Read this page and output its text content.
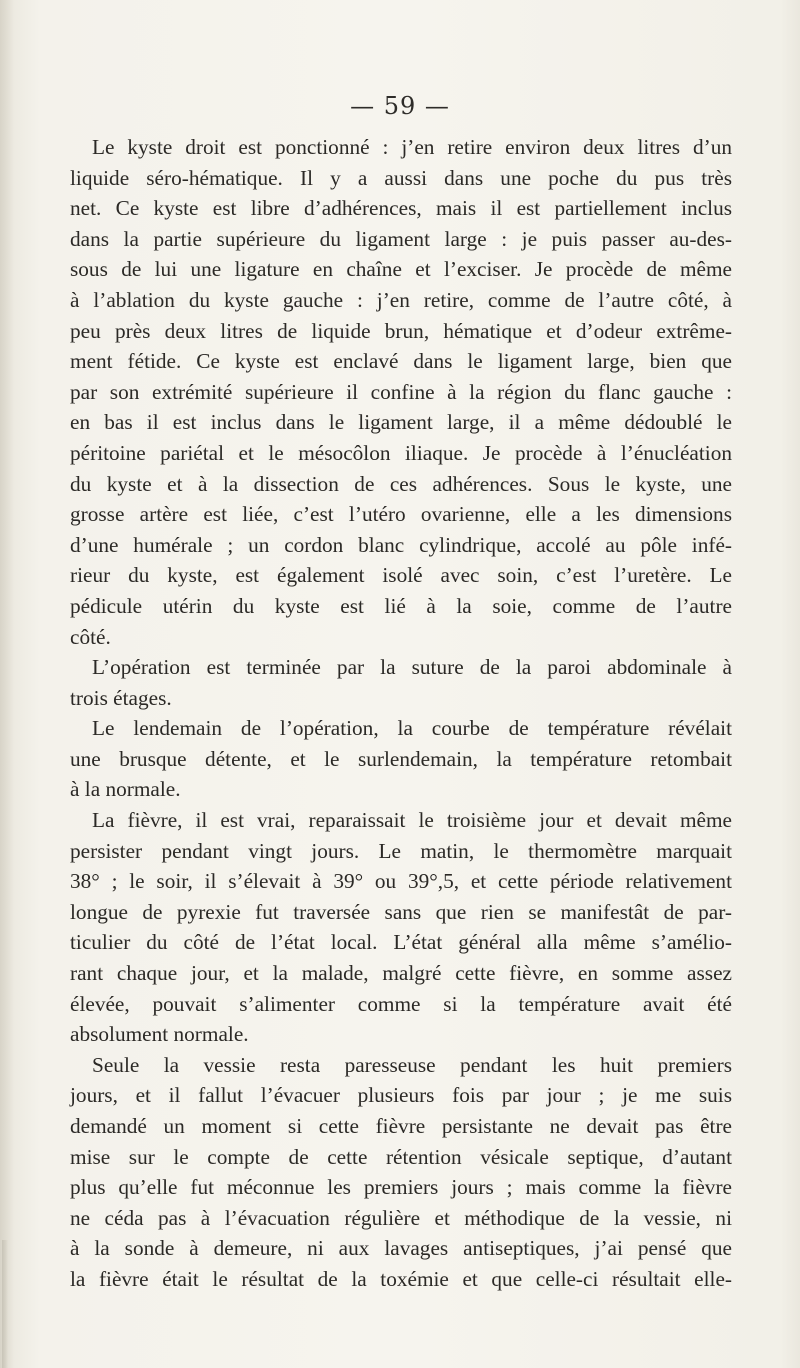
— 59 —
Le kyste droit est ponctionné : j’en retire environ deux litres d’un
liquide séro-hématique. Il y a aussi dans une poche du pus très
net. Ce kyste est libre d’adhérences, mais il est partiellement inclus
dans la partie supérieure du ligament large : je puis passer au-des-
sous de lui une ligature en chaîne et l’exciser. Je procède de même
à l’ablation du kyste gauche : j’en retire, comme de l’autre côté, à
peu près deux litres de liquide brun, hématique et d’odeur extrême-
ment fétide. Ce kyste est enclavé dans le ligament large, bien que
par son extrémité supérieure il confine à la région du flanc gauche :
en bas il est inclus dans le ligament large, il a même dédoublé le
péritoine pariétal et le mésocôlon iliaque. Je procède à l’énucléation
du kyste et à la dissection de ces adhérences. Sous le kyste, une
grosse artère est liée, c’est l’utéro ovarienne, elle a les dimensions
d’une humérale ; un cordon blanc cylindrique, accolé au pôle infé-
rieur du kyste, est également isolé avec soin, c’est l’uretère. Le
pédicule utérin du kyste est lié à la soie, comme de l’autre
côté.
L’opération est terminée par la suture de la paroi abdominale à
trois étages.
Le lendemain de l’opération, la courbe de température révélait
une brusque détente, et le surlendemain, la température retombait
à la normale.
La fièvre, il est vrai, reparaissait le troisième jour et devait même
persister pendant vingt jours. Le matin, le thermomètre marquait
38° ; le soir, il s’élevait à 39° ou 39°,5, et cette période relativement
longue de pyrexie fut traversée sans que rien se manifestât de par-
ticulier du côté de l’état local. L’état général alla même s’amélio-
rant chaque jour, et la malade, malgré cette fièvre, en somme assez
élevée, pouvait s’alimenter comme si la température avait été
absolument normale.
Seule la vessie resta paresseuse pendant les huit premiers
jours, et il fallut l’évacuer plusieurs fois par jour ; je me suis
demandé un moment si cette fièvre persistante ne devait pas être
mise sur le compte de cette rétention vésicale septique, d’autant
plus qu’elle fut méconnue les premiers jours ; mais comme la fièvre
ne céda pas à l’évacuation régulière et méthodique de la vessie, ni
à la sonde à demeure, ni aux lavages antiseptiques, j’ai pensé que
la fièvre était le résultat de la toxémie et que celle-ci résultait elle-
